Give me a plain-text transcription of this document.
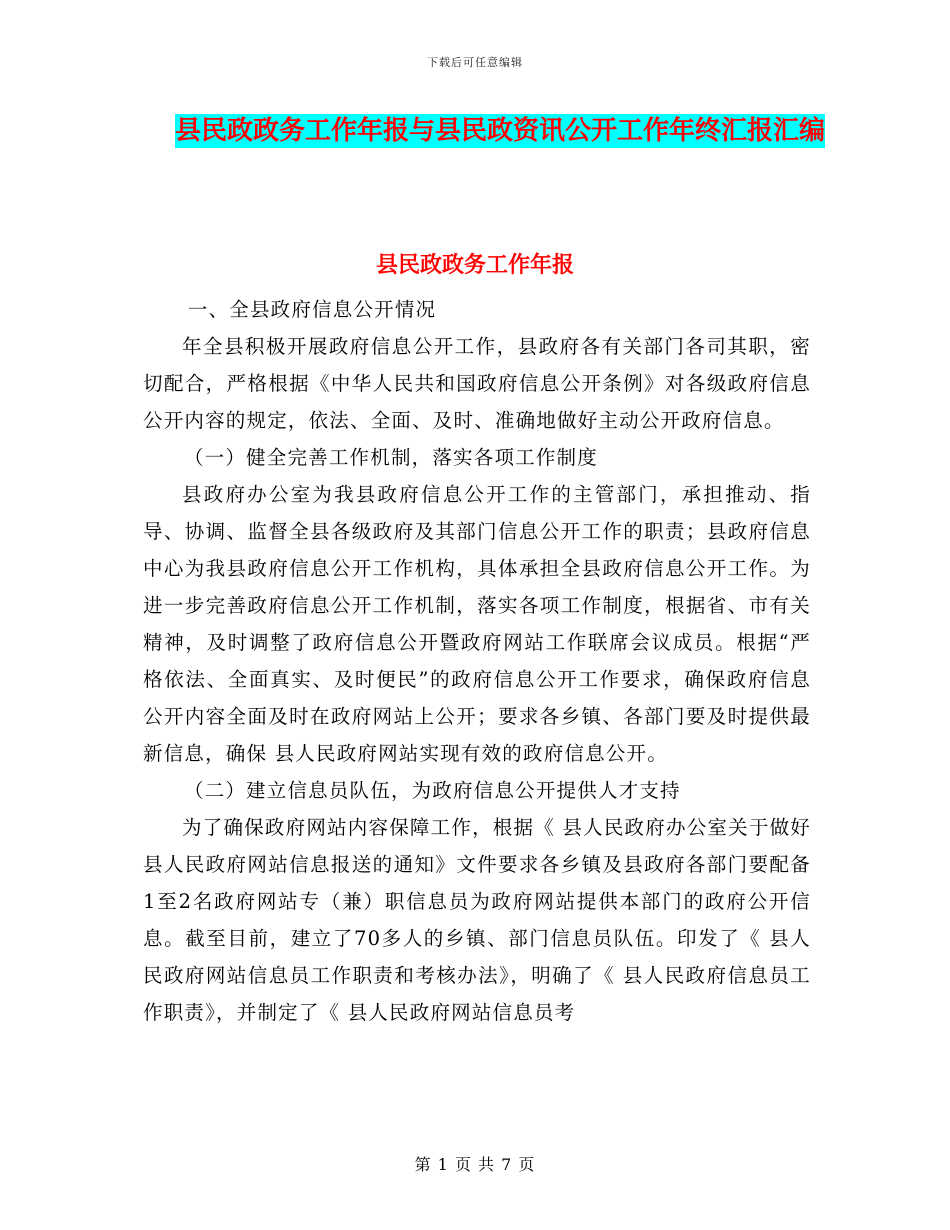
下载后可任意编辑
县民政政务工作年报与县民政资讯公开工作年终汇报汇编
县民政政务工作年报

一、全县政府信息公开情况

年全县积极开展政府信息公开工作，县政府各有关部门各司其职，密切配合，严格根据《中华人民共和国政府信息公开条例》对各级政府信息公开内容的规定，依法、全面、及时、准确地做好主动公开政府信息。

（一）健全完善工作机制，落实各项工作制度

县政府办公室为我县政府信息公开工作的主管部门，承担推动、指导、协调、监督全县各级政府及其部门信息公开工作的职责；县政府信息中心为我县政府信息公开工作机构，具体承担全县政府信息公开工作。为进一步完善政府信息公开工作机制，落实各项工作制度，根据省、市有关精神，及时调整了政府信息公开暨政府网站工作联席会议成员。根据“严格依法、全面真实、及时便民”的政府信息公开工作要求，确保政府信息公开内容全面及时在政府网站上公开；要求各乡镇、各部门要及时提供最新信息，确保 县人民政府网站实现有效的政府信息公开。

（二）建立信息员队伍，为政府信息公开提供人才支持

为了确保政府网站内容保障工作，根据《 县人民政府办公室关于做好 县人民政府网站信息报送的通知》文件要求各乡镇及县政府各部门要配备1至2名政府网站专（兼）职信息员为政府网站提供本部门的政府公开信息。截至目前，建立了70多人的乡镇、部门信息员队伍。印发了《 县人民政府网站信息员工作职责和考核办法》，明确了《 县人民政府信息员工作职责》，并制定了《 县人民政府网站信息员考

第 1 页 共 7 页
